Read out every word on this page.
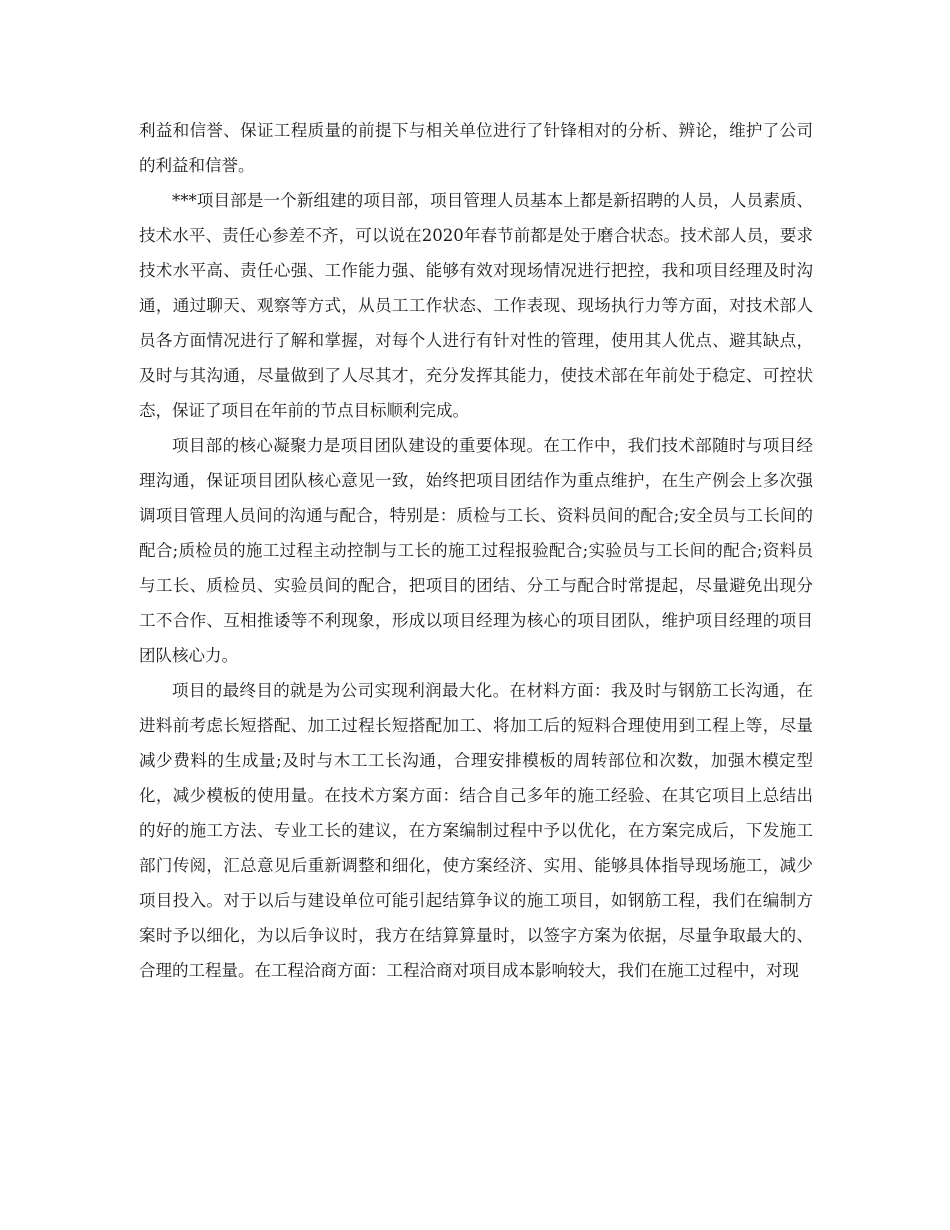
利益和信誉、保证工程质量的前提下与相关单位进行了针锋相对的分析、辨论，维护了公司的利益和信誉。

***项目部是一个新组建的项目部，项目管理人员基本上都是新招聘的人员，人员素质、技术水平、责任心参差不齐，可以说在2020年春节前都是处于磨合状态。技术部人员，要求技术水平高、责任心强、工作能力强、能够有效对现场情况进行把控，我和项目经理及时沟通，通过聊天、观察等方式，从员工工作状态、工作表现、现场执行力等方面，对技术部人员各方面情况进行了解和掌握，对每个人进行有针对性的管理，使用其人优点、避其缺点，及时与其沟通，尽量做到了人尽其才，充分发挥其能力，使技术部在年前处于稳定、可控状态，保证了项目在年前的节点目标顺利完成。

项目部的核心凝聚力是项目团队建设的重要体现。在工作中，我们技术部随时与项目经理沟通，保证项目团队核心意见一致，始终把项目团结作为重点维护，在生产例会上多次强调项目管理人员间的沟通与配合，特别是：质检与工长、资料员间的配合;安全员与工长间的配合;质检员的施工过程主动控制与工长的施工过程报验配合;实验员与工长间的配合;资料员与工长、质检员、实验员间的配合，把项目的团结、分工与配合时常提起，尽量避免出现分工不合作、互相推诿等不利现象，形成以项目经理为核心的项目团队，维护项目经理的项目团队核心力。

项目的最终目的就是为公司实现利润最大化。在材料方面：我及时与钢筋工长沟通，在进料前考虑长短搭配、加工过程长短搭配加工、将加工后的短料合理使用到工程上等，尽量减少费料的生成量;及时与木工工长沟通，合理安排模板的周转部位和次数，加强木模定型化，减少模板的使用量。在技术方案方面：结合自己多年的施工经验、在其它项目上总结出的好的施工方法、专业工长的建议，在方案编制过程中予以优化，在方案完成后，下发施工部门传阅，汇总意见后重新调整和细化，使方案经济、实用、能够具体指导现场施工，减少项目投入。对于以后与建设单位可能引起结算争议的施工项目，如钢筋工程，我们在编制方案时予以细化，为以后争议时，我方在结算算量时，以签字方案为依据，尽量争取最大的、合理的工程量。在工程洽商方面：工程洽商对项目成本影响较大，我们在施工过程中，对现
